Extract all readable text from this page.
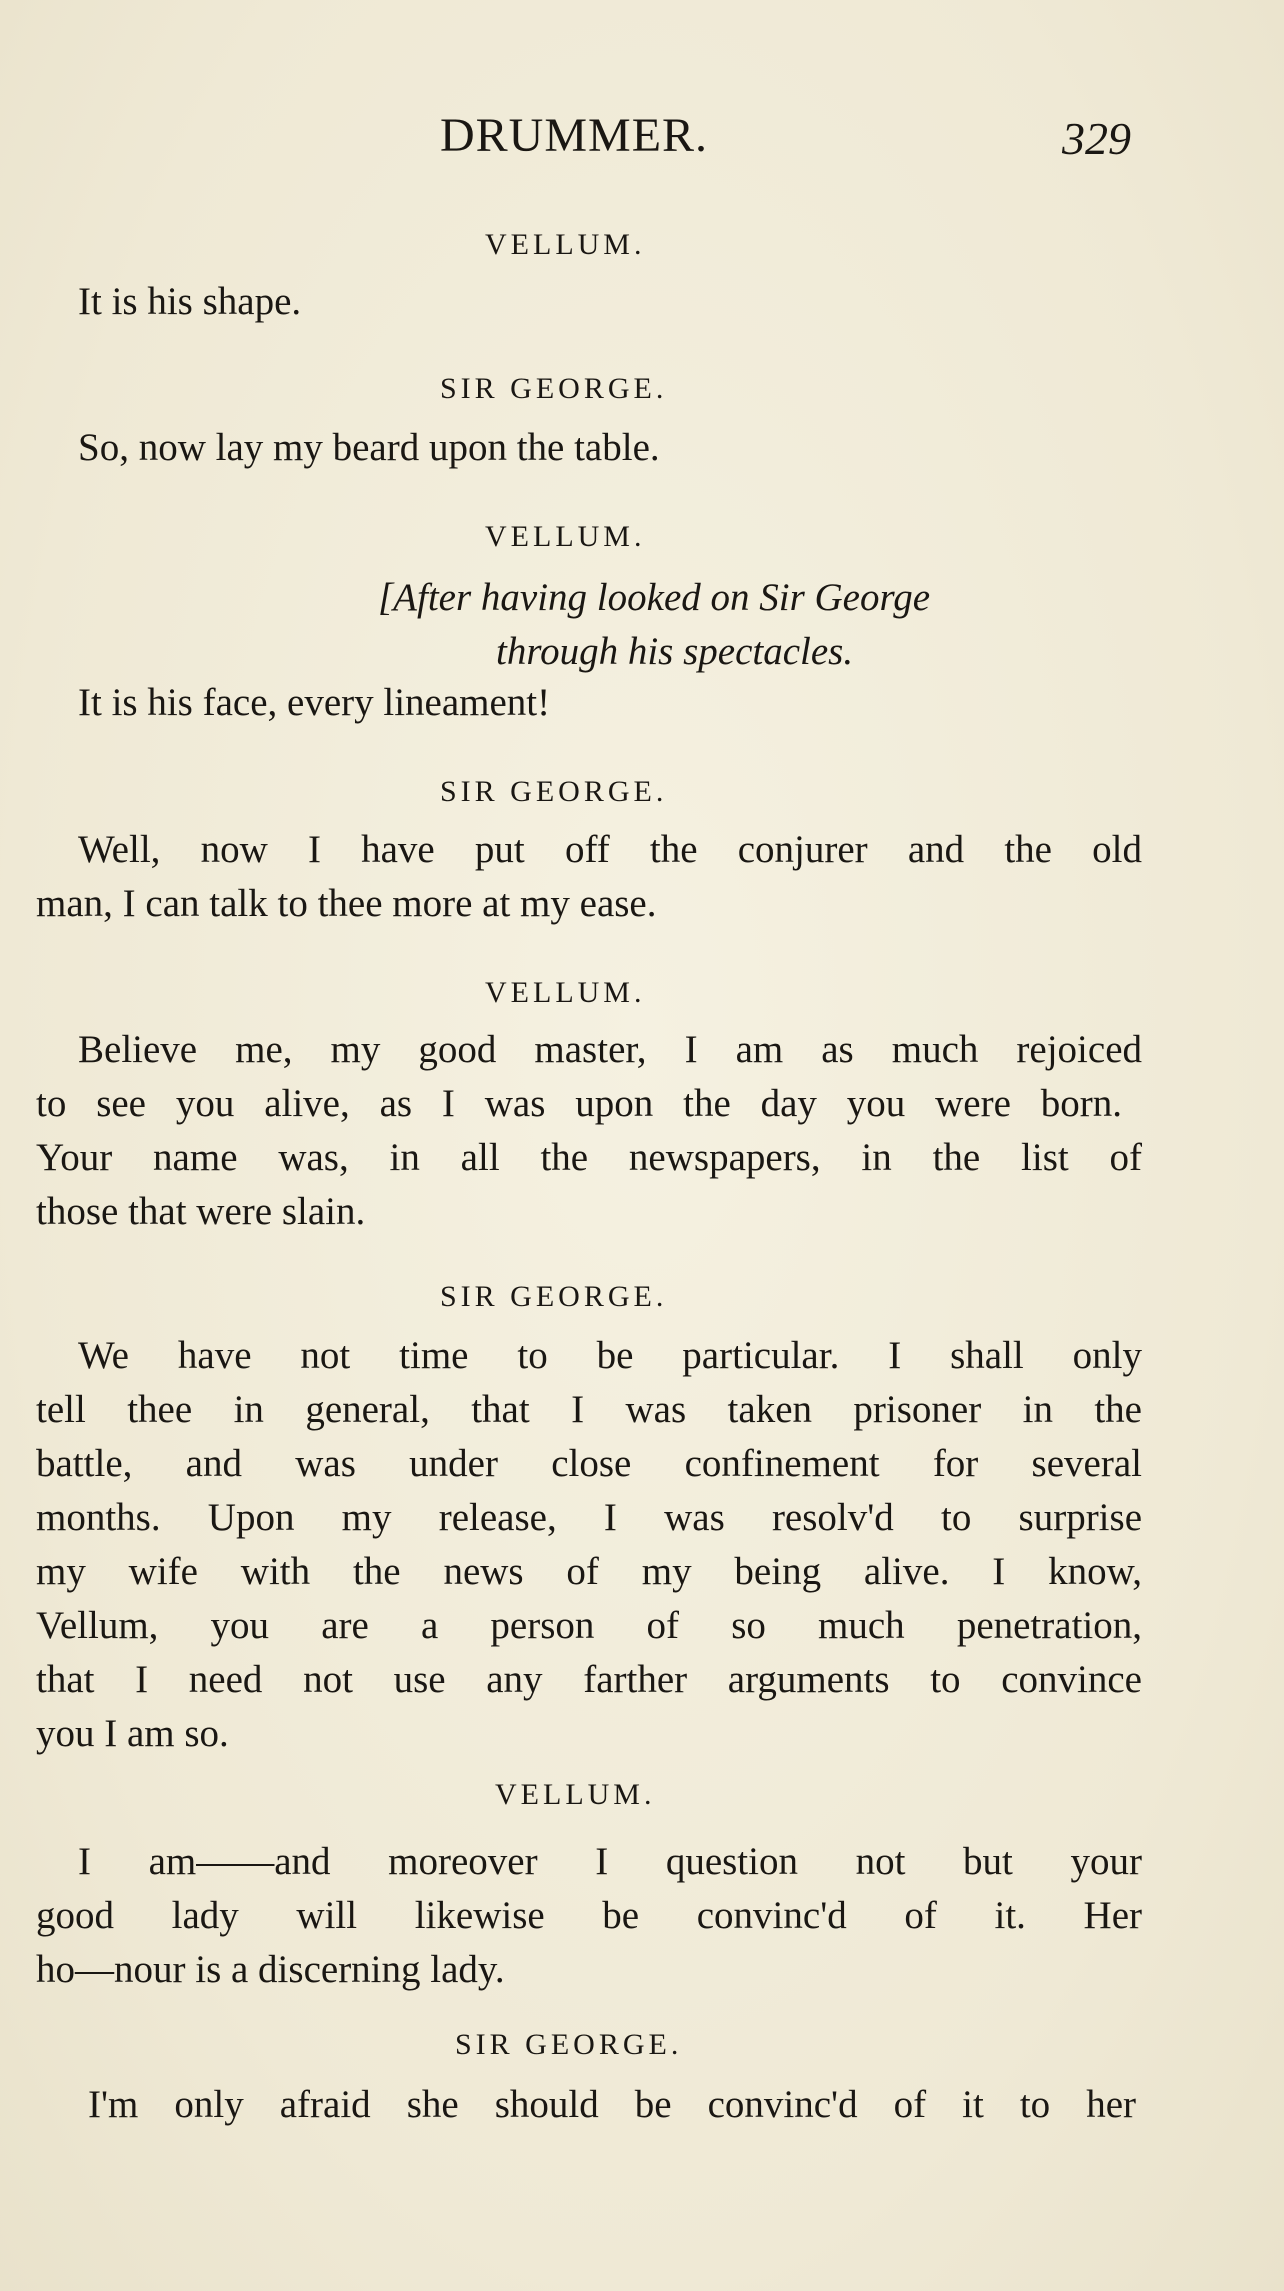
DRUMMER.	329
VELLUM.
It is his shape.
SIR GEORGE.
So, now lay my beard upon the table.
VELLUM.
[After having looked on Sir George
through his spectacles.
It is his face, every lineament!
SIR GEORGE.
Well, now I have put off the conjurer and the old
man, I can talk to thee more at my ease.
VELLUM.
Believe me, my good master, I am as much rejoiced
to see you alive, as I was upon the day you were born.
Your name was, in all the newspapers, in the list of
those that were slain.
SIR GEORGE.
We have not time to be particular. I shall only
tell thee in general, that I was taken prisoner in the
battle, and was under close confinement for several
months. Upon my release, I was resolv'd to surprise
my wife with the news of my being alive. I know,
Vellum, you are a person of so much penetration,
that I need not use any farther arguments to convince
you I am so.
VELLUM.
I am——and moreover I question not but your
good lady will likewise be convinc'd of it. Her
ho—nour is a discerning lady.
SIR GEORGE.
I'm only afraid she should be convinc'd of it to her
